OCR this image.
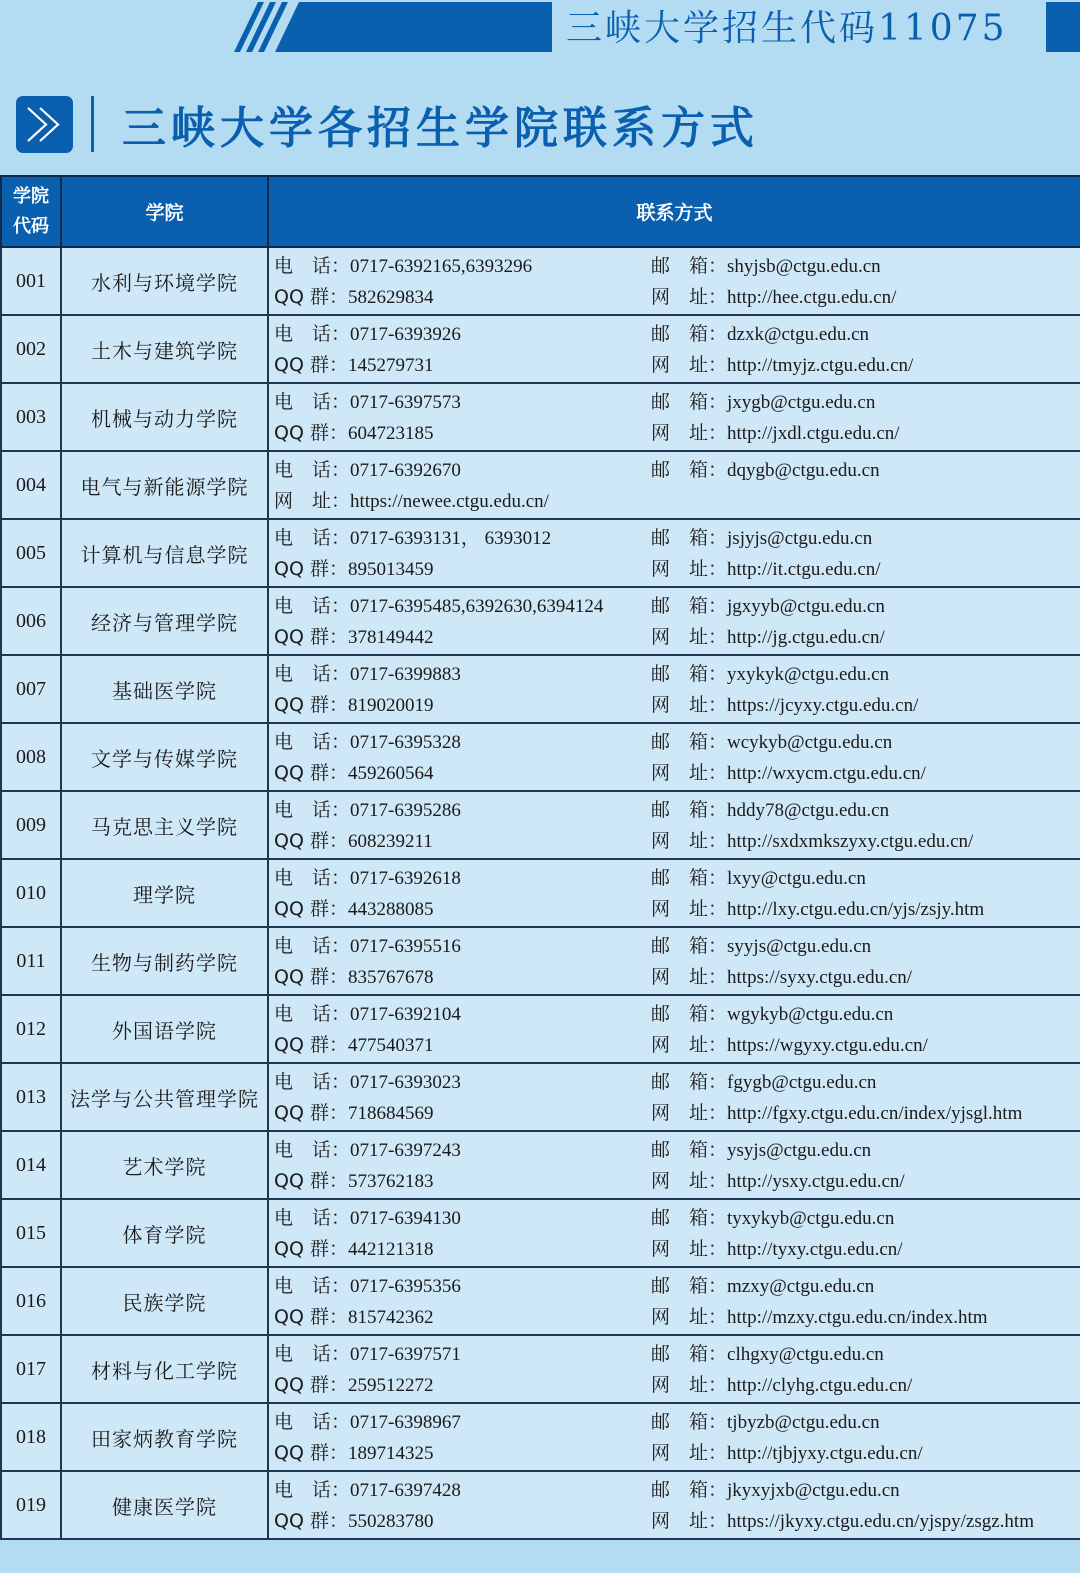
三峡大学招生代码11075
三峡大学各招生学院联系方式
学院
代码	学院	联系方式
001	水利与环境学院	电　话：0717-6392165,6393296 邮　箱：shyjsb@ctgu.edu.cn
QQ 群：582629834 网　址：http://hee.ctgu.edu.cn/

002	土木与建筑学院	电　话：0717-6393926 邮　箱：dzxk@ctgu.edu.cn
QQ 群：145279731 网　址：http://tmyjz.ctgu.edu.cn/

003	机械与动力学院	电　话：0717-6397573 邮　箱：jxygb@ctgu.edu.cn
QQ 群：604723185 网　址：http://jxdl.ctgu.edu.cn/

004	电气与新能源学院	电　话：0717-6392670 邮　箱：dqygb@ctgu.edu.cn
网　址：https://newee.ctgu.edu.cn/

005	计算机与信息学院	电　话：0717-6393131， 6393012 邮　箱：jsjyjs@ctgu.edu.cn
QQ 群：895013459 网　址：http://it.ctgu.edu.cn/

006	经济与管理学院	电　话：0717-6395485,6392630,6394124 邮　箱：jgxyyb@ctgu.edu.cn
QQ 群：378149442 网　址：http://jg.ctgu.edu.cn/

007	基础医学院	电　话：0717-6399883 邮　箱：yxykyk@ctgu.edu.cn
QQ 群：819020019 网　址：https://jcyxy.ctgu.edu.cn/

008	文学与传媒学院	电　话：0717-6395328 邮　箱：wcykyb@ctgu.edu.cn
QQ 群：459260564 网　址：http://wxycm.ctgu.edu.cn/

009	马克思主义学院	电　话：0717-6395286 邮　箱：hddy78@ctgu.edu.cn
QQ 群：608239211 网　址：http://sxdxmkszyxy.ctgu.edu.cn/

010	理学院	电　话：0717-6392618 邮　箱：lxyy@ctgu.edu.cn
QQ 群：443288085 网　址：http://lxy.ctgu.edu.cn/yjs/zsjy.htm

011	生物与制药学院	电　话：0717-6395516 邮　箱：syyjs@ctgu.edu.cn
QQ 群：835767678 网　址：https://syxy.ctgu.edu.cn/

012	外国语学院	电　话：0717-6392104 邮　箱：wgykyb@ctgu.edu.cn
QQ 群：477540371 网　址：https://wgyxy.ctgu.edu.cn/

013	法学与公共管理学院	电　话：0717-6393023 邮　箱：fgygb@ctgu.edu.cn
QQ 群：718684569 网　址：http://fgxy.ctgu.edu.cn/index/yjsgl.htm

014	艺术学院	电　话：0717-6397243 邮　箱：ysyjs@ctgu.edu.cn
QQ 群：573762183 网　址：http://ysxy.ctgu.edu.cn/

015	体育学院	电　话：0717-6394130 邮　箱：tyxykyb@ctgu.edu.cn
QQ 群：442121318 网　址：http://tyxy.ctgu.edu.cn/

016	民族学院	电　话：0717-6395356 邮　箱：mzxy@ctgu.edu.cn
QQ 群：815742362 网　址：http://mzxy.ctgu.edu.cn/index.htm

017	材料与化工学院	电　话：0717-6397571 邮　箱：clhgxy@ctgu.edu.cn
QQ 群：259512272 网　址：http://clyhg.ctgu.edu.cn/

018	田家炳教育学院	电　话：0717-6398967 邮　箱：tjbyzb@ctgu.edu.cn
QQ 群：189714325 网　址：http://tjbjyxy.ctgu.edu.cn/

019	健康医学院	电　话：0717-6397428 邮　箱：jkyxyjxb@ctgu.edu.cn
QQ 群：550283780 网　址：https://jkyxy.ctgu.edu.cn/yjspy/zsgz.htm
